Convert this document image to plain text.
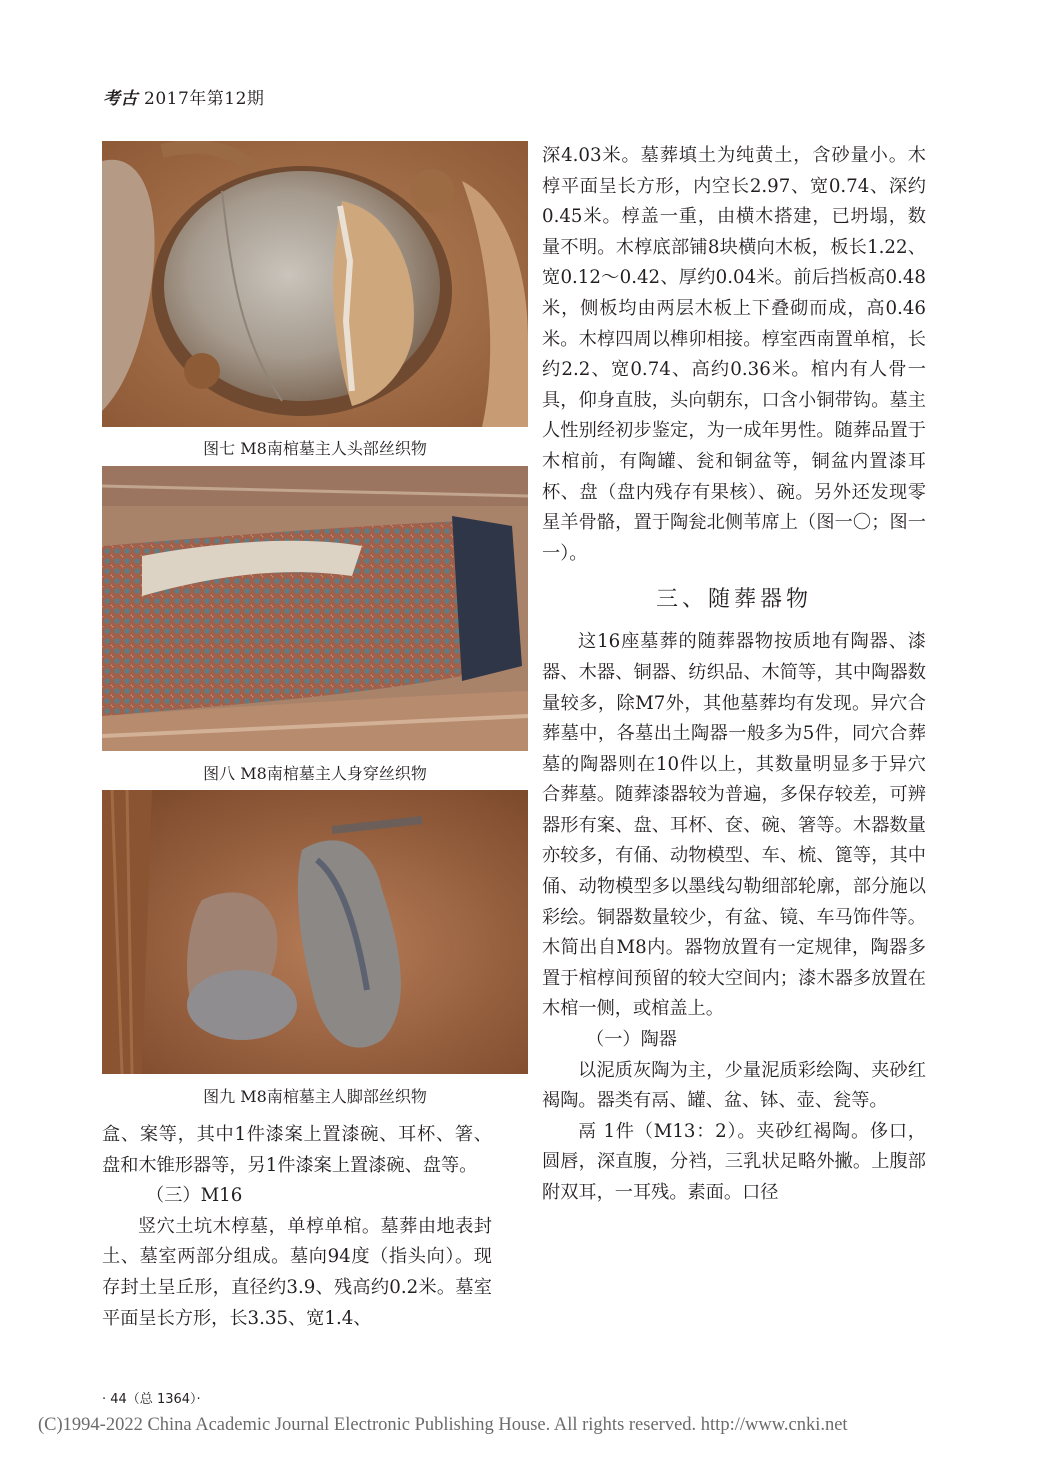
考古 2017年第12期
图七 M8南棺墓主人头部丝织物
图八 M8南棺墓主人身穿丝织物
图九 M8南棺墓主人脚部丝织物

盒、案等，其中1件漆案上置漆碗、耳杯、箸、盘和木锥形器等，另1件漆案上置漆碗、盘等。

（三）M16

竖穴土坑木椁墓，单椁单棺。墓葬由地表封土、墓室两部分组成。墓向94度（指头向）。现存封土呈丘形，直径约3.9、残高约0.2米。墓室平面呈长方形，长3.35、宽1.4、

深4.03米。墓葬填土为纯黄土，含砂量小。木椁平面呈长方形，内空长2.97、宽0.74、深约0.45米。椁盖一重，由横木搭建，已坍塌，数量不明。木椁底部铺8块横向木板，板长1.22、宽0.12～0.42、厚约0.04米。前后挡板高0.48米，侧板均由两层木板上下叠砌而成，高0.46米。木椁四周以榫卯相接。椁室西南置单棺，长约2.2、宽0.74、高约0.36米。棺内有人骨一具，仰身直肢，头向朝东，口含小铜带钩。墓主人性别经初步鉴定，为一成年男性。随葬品置于木棺前，有陶罐、瓮和铜盆等，铜盆内置漆耳杯、盘（盘内残存有果核）、碗。另外还发现零星羊骨骼，置于陶瓮北侧苇席上（图一〇；图一一）。

三、随葬器物

这16座墓葬的随葬器物按质地有陶器、漆器、木器、铜器、纺织品、木简等，其中陶器数量较多，除M7外，其他墓葬均有发现。异穴合葬墓中，各墓出土陶器一般多为5件，同穴合葬墓的陶器则在10件以上，其数量明显多于异穴合葬墓。随葬漆器较为普遍，多保存较差，可辨器形有案、盘、耳杯、奁、碗、箸等。木器数量亦较多，有俑、动物模型、车、梳、篦等，其中俑、动物模型多以墨线勾勒细部轮廓，部分施以彩绘。铜器数量较少，有盆、镜、车马饰件等。木简出自M8内。器物放置有一定规律，陶器多置于棺椁间预留的较大空间内；漆木器多放置在木棺一侧，或棺盖上。

（一）陶器

以泥质灰陶为主，少量泥质彩绘陶、夹砂红褐陶。器类有鬲、罐、盆、钵、壶、瓮等。

鬲 1件（M13：2）。夹砂红褐陶。侈口，圆唇，深直腹，分裆，三乳状足略外撇。上腹部附双耳，一耳残。素面。口径

· 44（总 1364）·
(C)1994-2022 China Academic Journal Electronic Publishing House. All rights reserved. http://www.cnki.net
